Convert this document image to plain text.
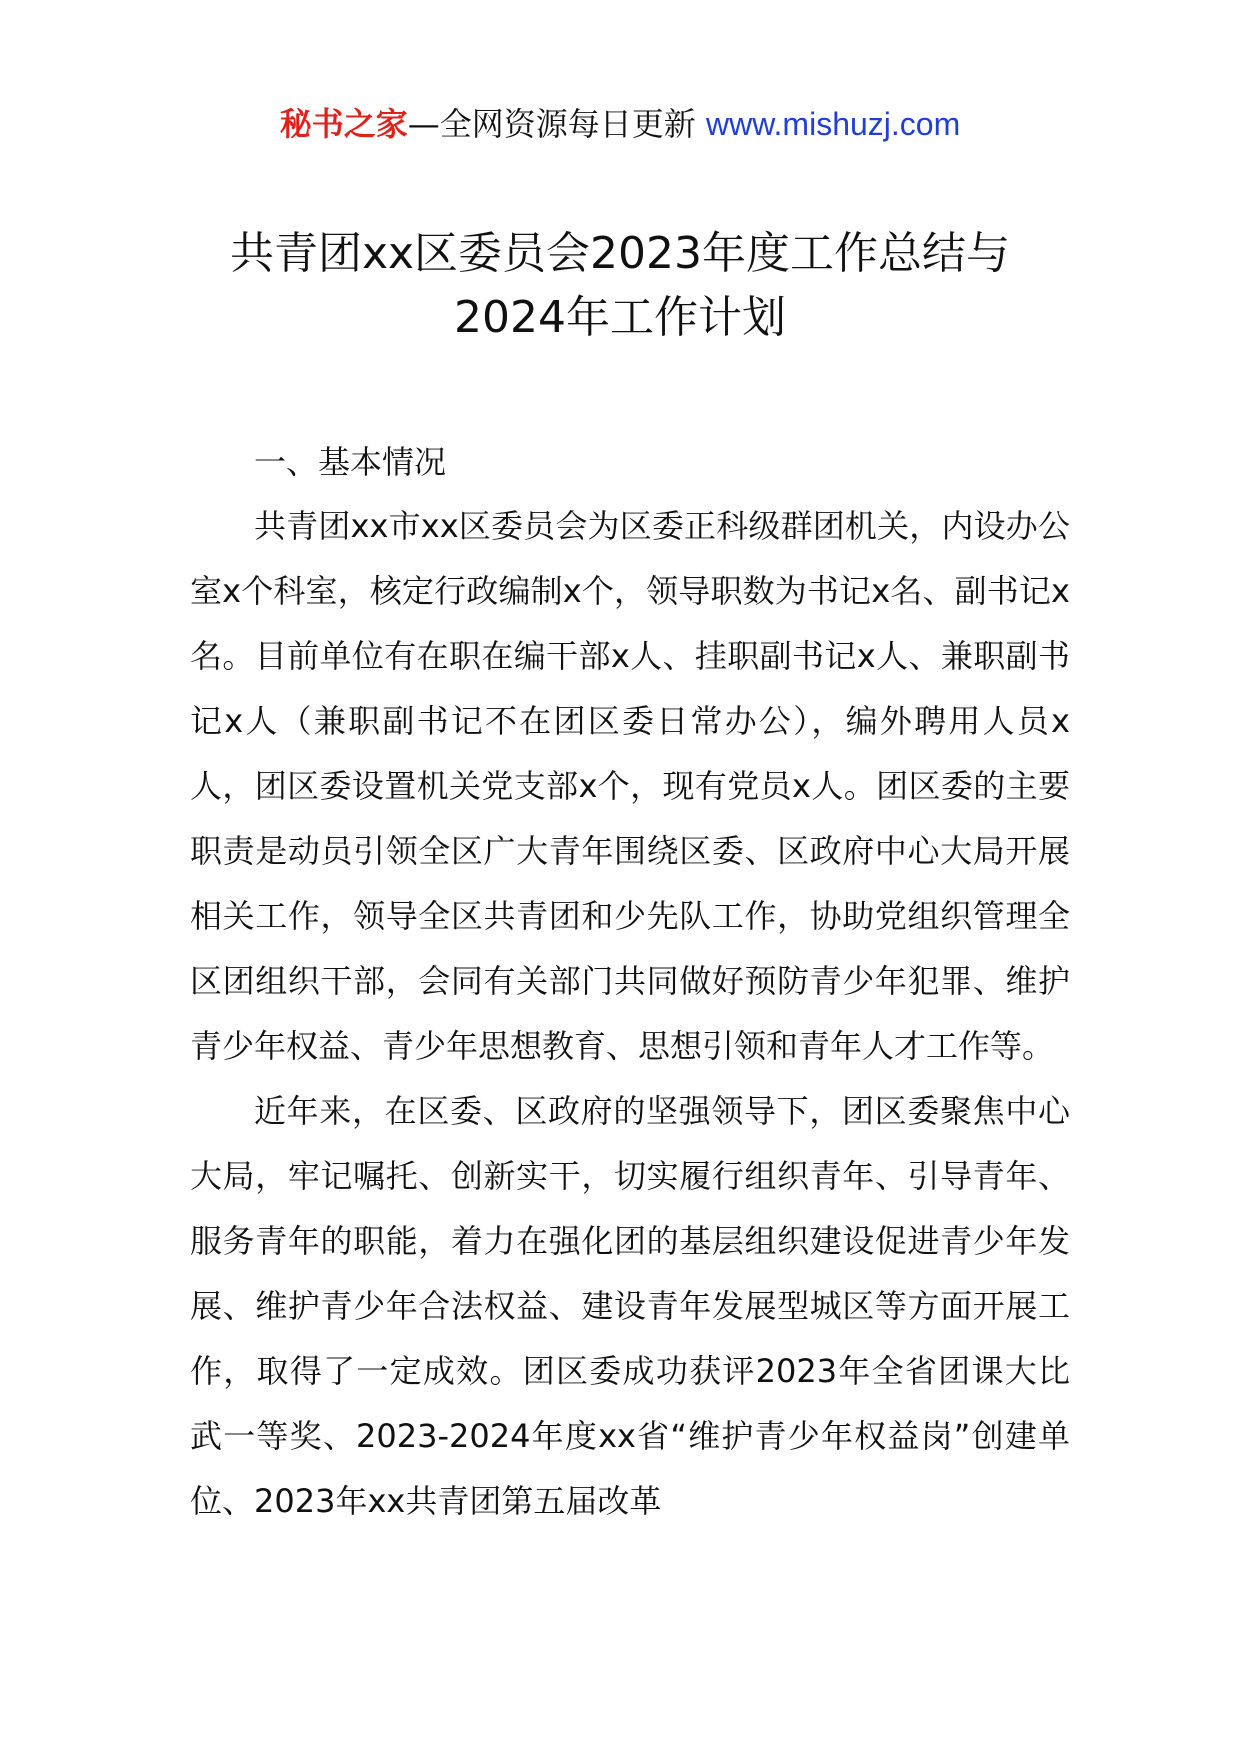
秘书之家—全网资源每日更新 www.mishuzj.com
共青团xx区委员会2023年度工作总结与
2024年工作计划

一、基本情况

共青团xx市xx区委员会为区委正科级群团机关，内设办公室x个科室，核定行政编制x个，领导职数为书记x名、副书记x名。目前单位有在职在编干部x人、挂职副书记x人、兼职副书记x人（兼职副书记不在团区委日常办公），编外聘用人员x人，团区委设置机关党支部x个，现有党员x人。团区委的主要职责是动员引领全区广大青年围绕区委、区政府中心大局开展相关工作，领导全区共青团和少先队工作，协助党组织管理全区团组织干部，会同有关部门共同做好预防青少年犯罪、维护青少年权益、青少年思想教育、思想引领和青年人才工作等。

近年来，在区委、区政府的坚强领导下，团区委聚焦中心大局，牢记嘱托、创新实干，切实履行组织青年、引导青年、服务青年的职能，着力在强化团的基层组织建设促进青少年发展、维护青少年合法权益、建设青年发展型城区等方面开展工作，取得了一定成效。团区委成功获评2023年全省团课大比武一等奖、2023-2024年度xx省“维护青少年权益岗”创建单位、2023年xx共青团第五届改革
